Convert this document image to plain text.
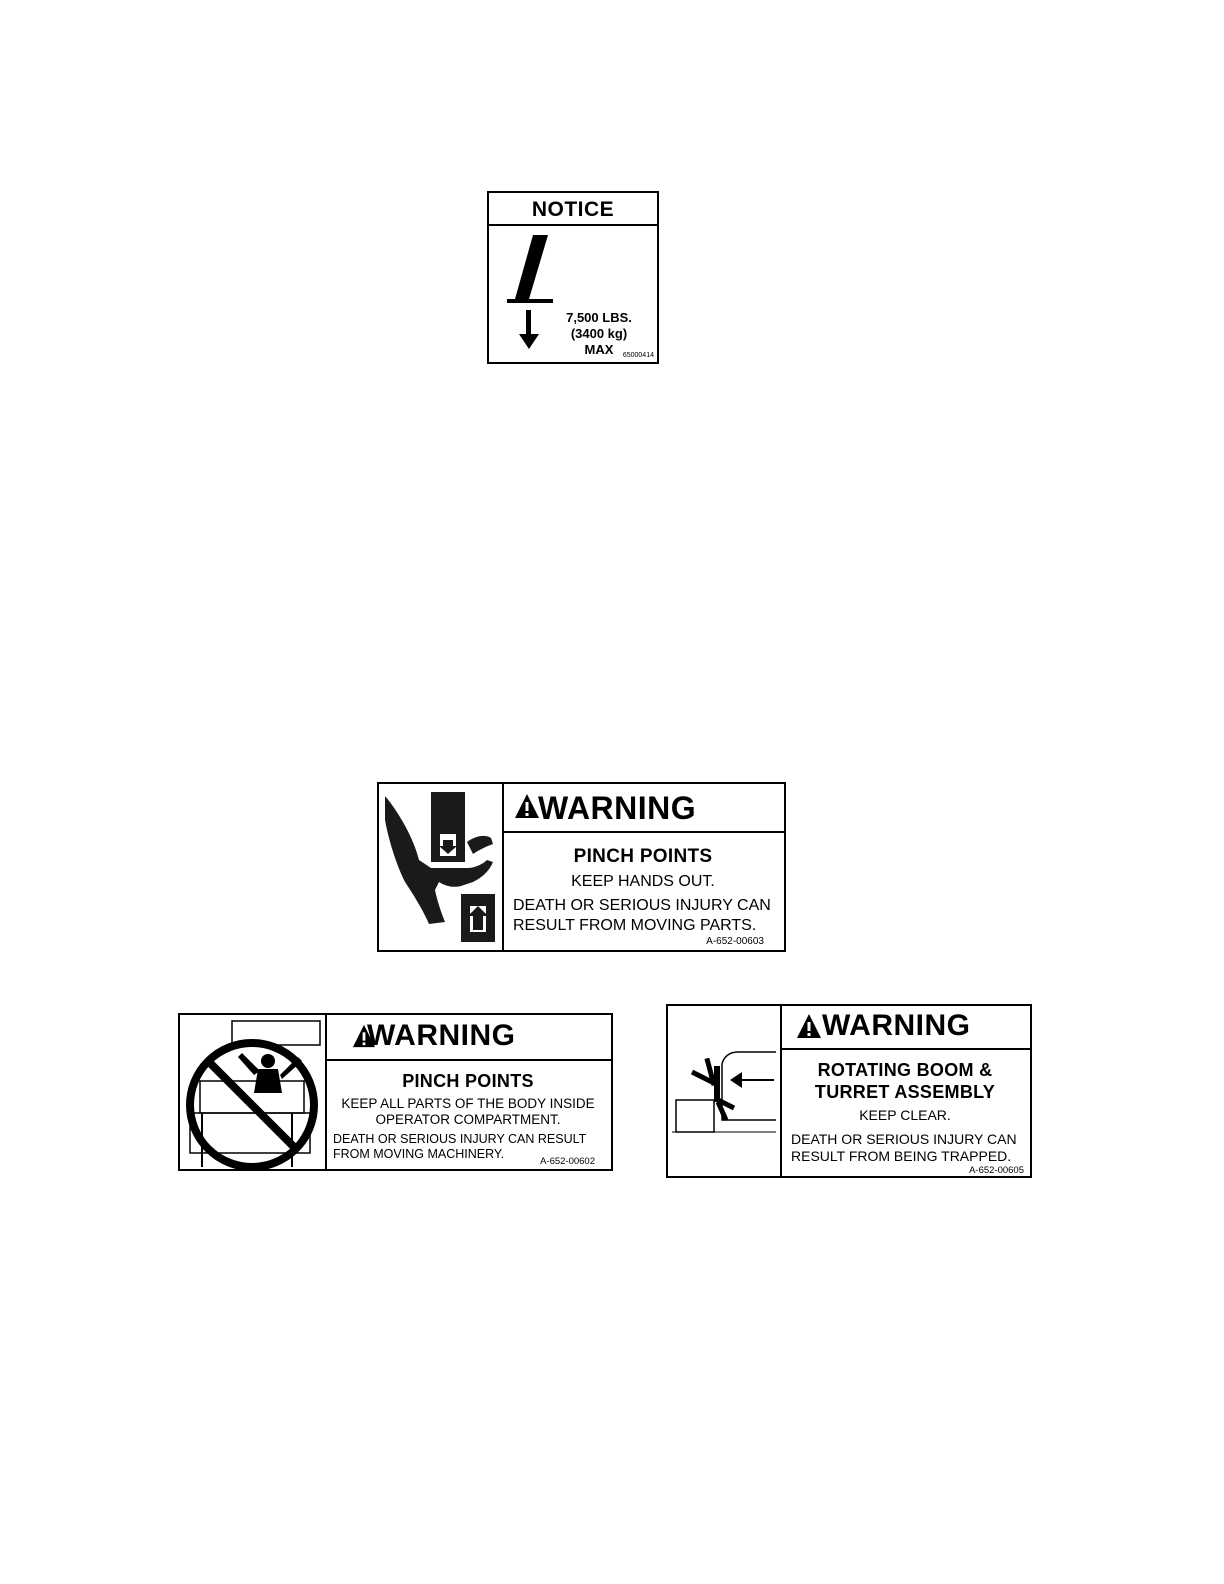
NOTICE
7,500 LBS.
(3400 kg)
MAX	65000414
WARNING
PINCH POINTS
KEEP HANDS OUT.
DEATH OR SERIOUS INJURY CAN
RESULT FROM MOVING PARTS.
A-652-00603
WARNING
PINCH POINTS
KEEP ALL PARTS OF THE BODY INSIDE
OPERATOR COMPARTMENT.
DEATH OR SERIOUS INJURY CAN RESULT
FROM MOVING MACHINERY.
A-652-00602
WARNING
ROTATING BOOM &
TURRET ASSEMBLY
KEEP CLEAR.
DEATH OR SERIOUS INJURY CAN
RESULT FROM BEING TRAPPED.
A-652-00605
